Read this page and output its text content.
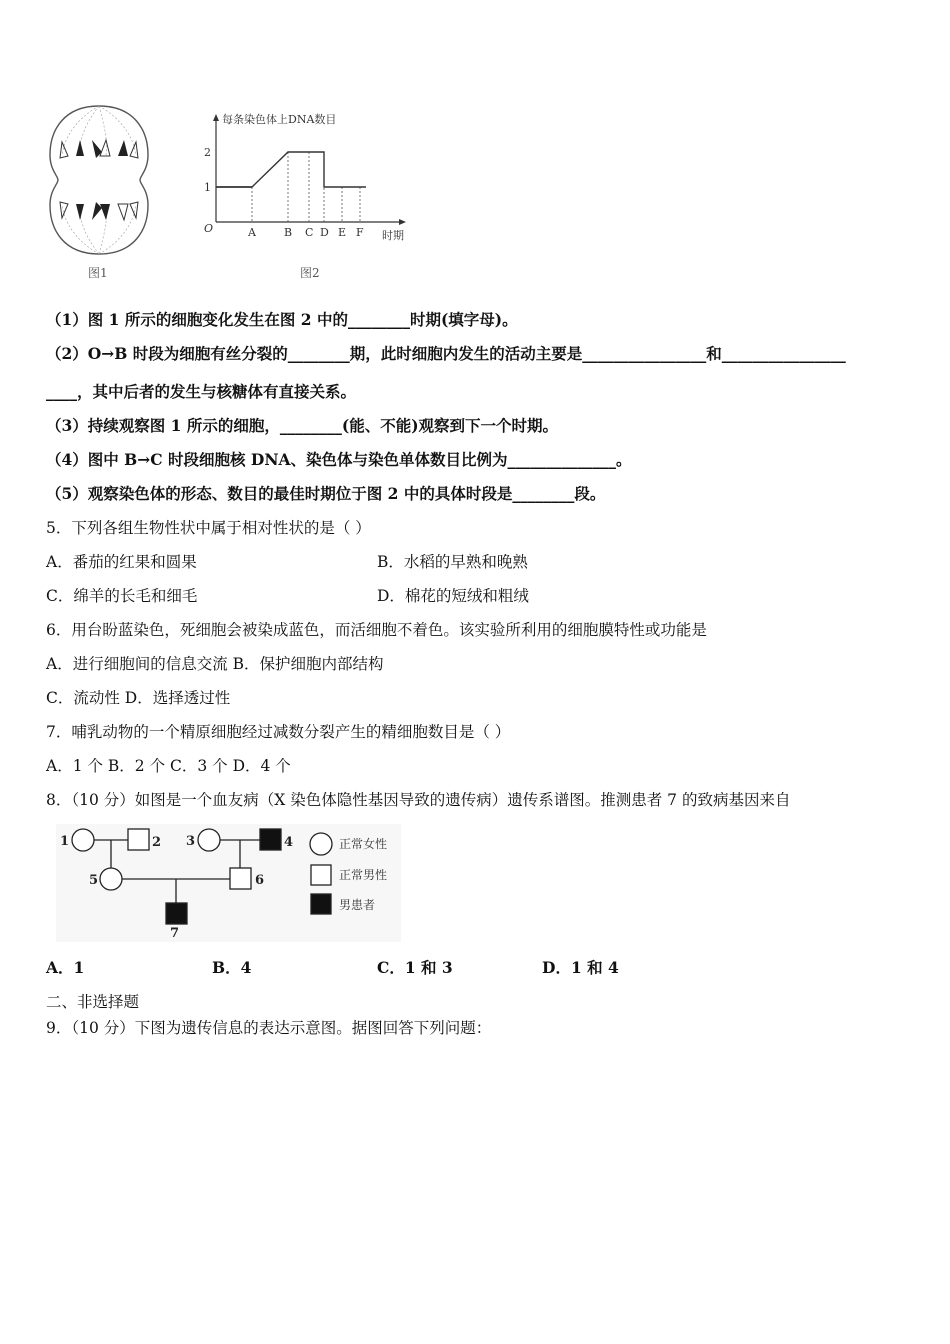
图1
每条染色体上DNA数目
O
时期
1
2
A	B C D E F
图2
（1）图 1 所示的细胞变化发生在图 2 中的________时期(填字母)。
（2）O→B 时段为细胞有丝分裂的________期，此时细胞内发生的活动主要是________________和________________
____，其中后者的发生与核糖体有直接关系。
（3）持续观察图 1 所示的细胞，________(能、不能)观察到下一个时期。
（4）图中 B→C 时段细胞核 DNA、染色体与染色单体数目比例为______________。
（5）观察染色体的形态、数目的最佳时期位于图 2 中的具体时段是________段。
5．下列各组生物性状中属于相对性状的是（ ）
A．番茄的红果和圆果	B．水稻的早熟和晚熟
C．绵羊的长毛和细毛	D．棉花的短绒和粗绒
6．用台盼蓝染色，死细胞会被染成蓝色，而活细胞不着色。该实验所利用的细胞膜特性或功能是
A．进行细胞间的信息交流 B．保护细胞内部结构
C．流动性 D．选择透过性
7．哺乳动物的一个精原细胞经过减数分裂产生的精细胞数目是（ ）
A．1 个 B．2 个 C．3 个 D．4 个
8．（10 分）如图是一个血友病（X 染色体隐性基因导致的遗传病）遗传系谱图。推测患者 7 的致病基因来自
1	2 3	4
5	6
7
正常女性
正常男性
男患者
A．1	B．4	C．1 和 3	D．1 和 4
二、非选择题
9．（10 分）下图为遗传信息的表达示意图。据图回答下列问题：
